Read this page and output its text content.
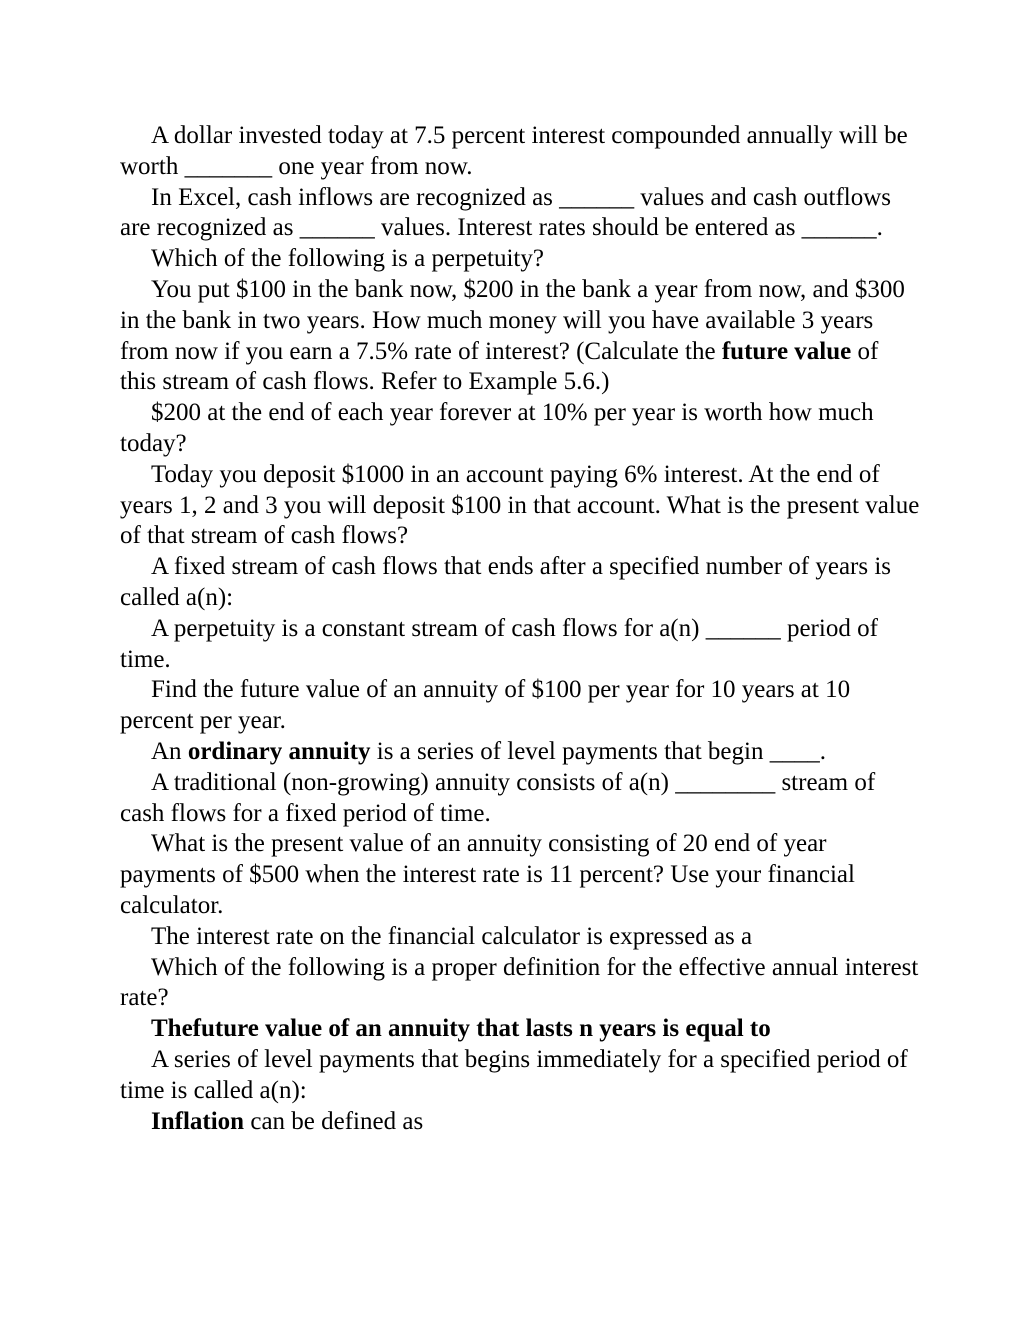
A dollar invested today at 7.5 percent interest compounded annually will be worth _______ one year from now.

In Excel, cash inflows are recognized as ______ values and cash outflows are recognized as ______ values. Interest rates should be entered as ______.

Which of the following is a perpetuity?

You put $100 in the bank now, $200 in the bank a year from now, and $300 in the bank in two years. How much money will you have available 3 years from now if you earn a 7.5% rate of interest? (Calculate the future value of this stream of cash flows. Refer to Example 5.6.)

$200 at the end of each year forever at 10% per year is worth how much today?

Today you deposit $1000 in an account paying 6% interest. At the end of years 1, 2 and 3 you will deposit $100 in that account. What is the present value of that stream of cash flows?

A fixed stream of cash flows that ends after a specified number of years is called a(n):

A perpetuity is a constant stream of cash flows for a(n) ______ period of time.

Find the future value of an annuity of $100 per year for 10 years at 10 percent per year.

An ordinary annuity is a series of level payments that begin ____.

A traditional (non-growing) annuity consists of a(n) ________ stream of cash flows for a fixed period of time.

What is the present value of an annuity consisting of 20 end of year payments of $500 when the interest rate is 11 percent? Use your financial calculator.

The interest rate on the financial calculator is expressed as a

Which of the following is a proper definition for the effective annual interest rate?

Thefuture value of an annuity that lasts n years is equal to

A series of level payments that begins immediately for a specified period of time is called a(n):

Inflation can be defined as
